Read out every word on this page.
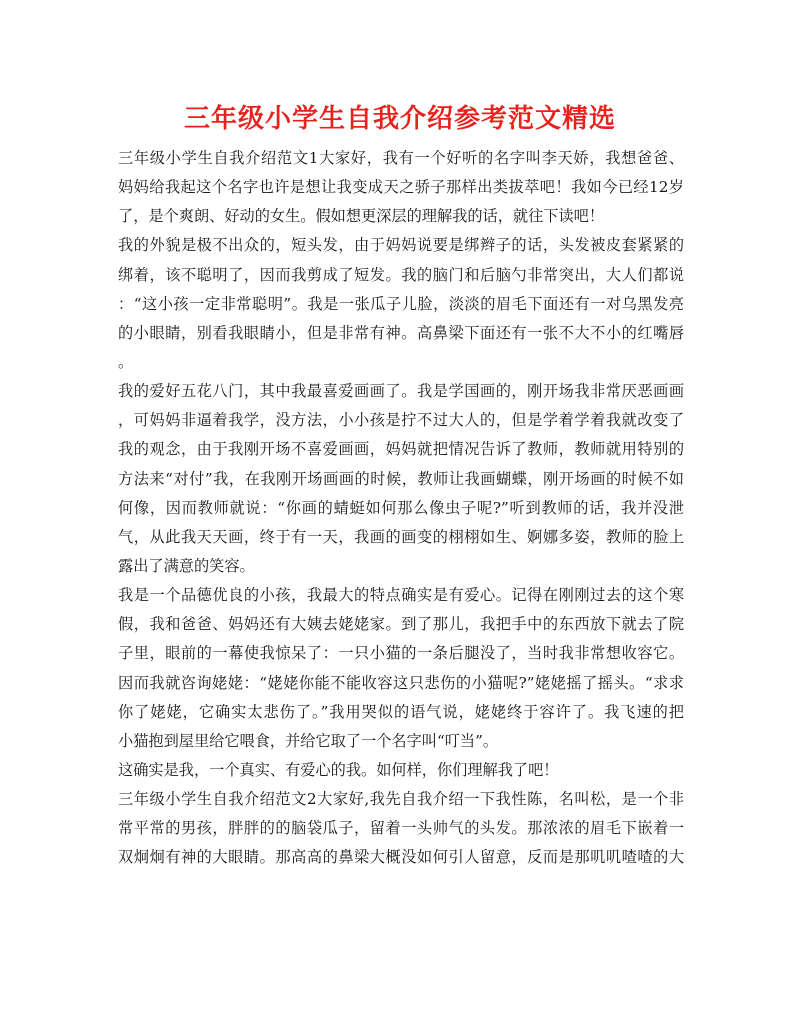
三年级小学生自我介绍参考范文精选
三年级小学生自我介绍范文1大家好，我有一个好听的名字叫李天娇，我想爸爸、
妈妈给我起这个名字也许是想让我变成天之骄子那样出类拔萃吧！我如今已经12岁
了，是个爽朗、好动的女生。假如想更深层的理解我的话，就往下读吧！
我的外貌是极不出众的，短头发，由于妈妈说要是绑辫子的话，头发被皮套紧紧的
绑着，该不聪明了，因而我剪成了短发。我的脑门和后脑勺非常突出，大人们都说
：“这小孩一定非常聪明”。我是一张瓜子儿脸，淡淡的眉毛下面还有一对乌黑发亮
的小眼睛，别看我眼睛小，但是非常有神。高鼻梁下面还有一张不大不小的红嘴唇
。
我的爱好五花八门，其中我最喜爱画画了。我是学国画的，刚开场我非常厌恶画画
，可妈妈非逼着我学，没方法，小小孩是拧不过大人的，但是学着学着我就改变了
我的观念，由于我刚开场不喜爱画画，妈妈就把情况告诉了教师，教师就用特别的
方法来“对付”我，在我刚开场画画的时候，教师让我画蝴蝶，刚开场画的时候不如
何像，因而教师就说：“你画的蜻蜓如何那么像虫子呢?”听到教师的话，我并没泄
气，从此我天天画，终于有一天，我画的画变的栩栩如生、婀娜多姿，教师的脸上
露出了满意的笑容。
我是一个品德优良的小孩，我最大的特点确实是有爱心。记得在刚刚过去的这个寒
假，我和爸爸、妈妈还有大姨去姥姥家。到了那儿，我把手中的东西放下就去了院
子里，眼前的一幕使我惊呆了：一只小猫的一条后腿没了，当时我非常想收容它。
因而我就咨询姥姥：“姥姥你能不能收容这只悲伤的小猫呢?”姥姥摇了摇头。“求求
你了姥姥，它确实太悲伤了。”我用哭似的语气说，姥姥终于容许了。我飞速的把
小猫抱到屋里给它喂食，并给它取了一个名字叫“叮当”。
这确实是我，一个真实、有爱心的我。如何样，你们理解我了吧！
三年级小学生自我介绍范文2大家好,我先自我介绍一下我性陈，名叫松，是一个非
常平常的男孩，胖胖的的脑袋瓜子，留着一头帅气的头发。那浓浓的眉毛下嵌着一
双炯炯有神的大眼睛。那高高的鼻梁大概没如何引人留意，反而是那叽叽喳喳的大
